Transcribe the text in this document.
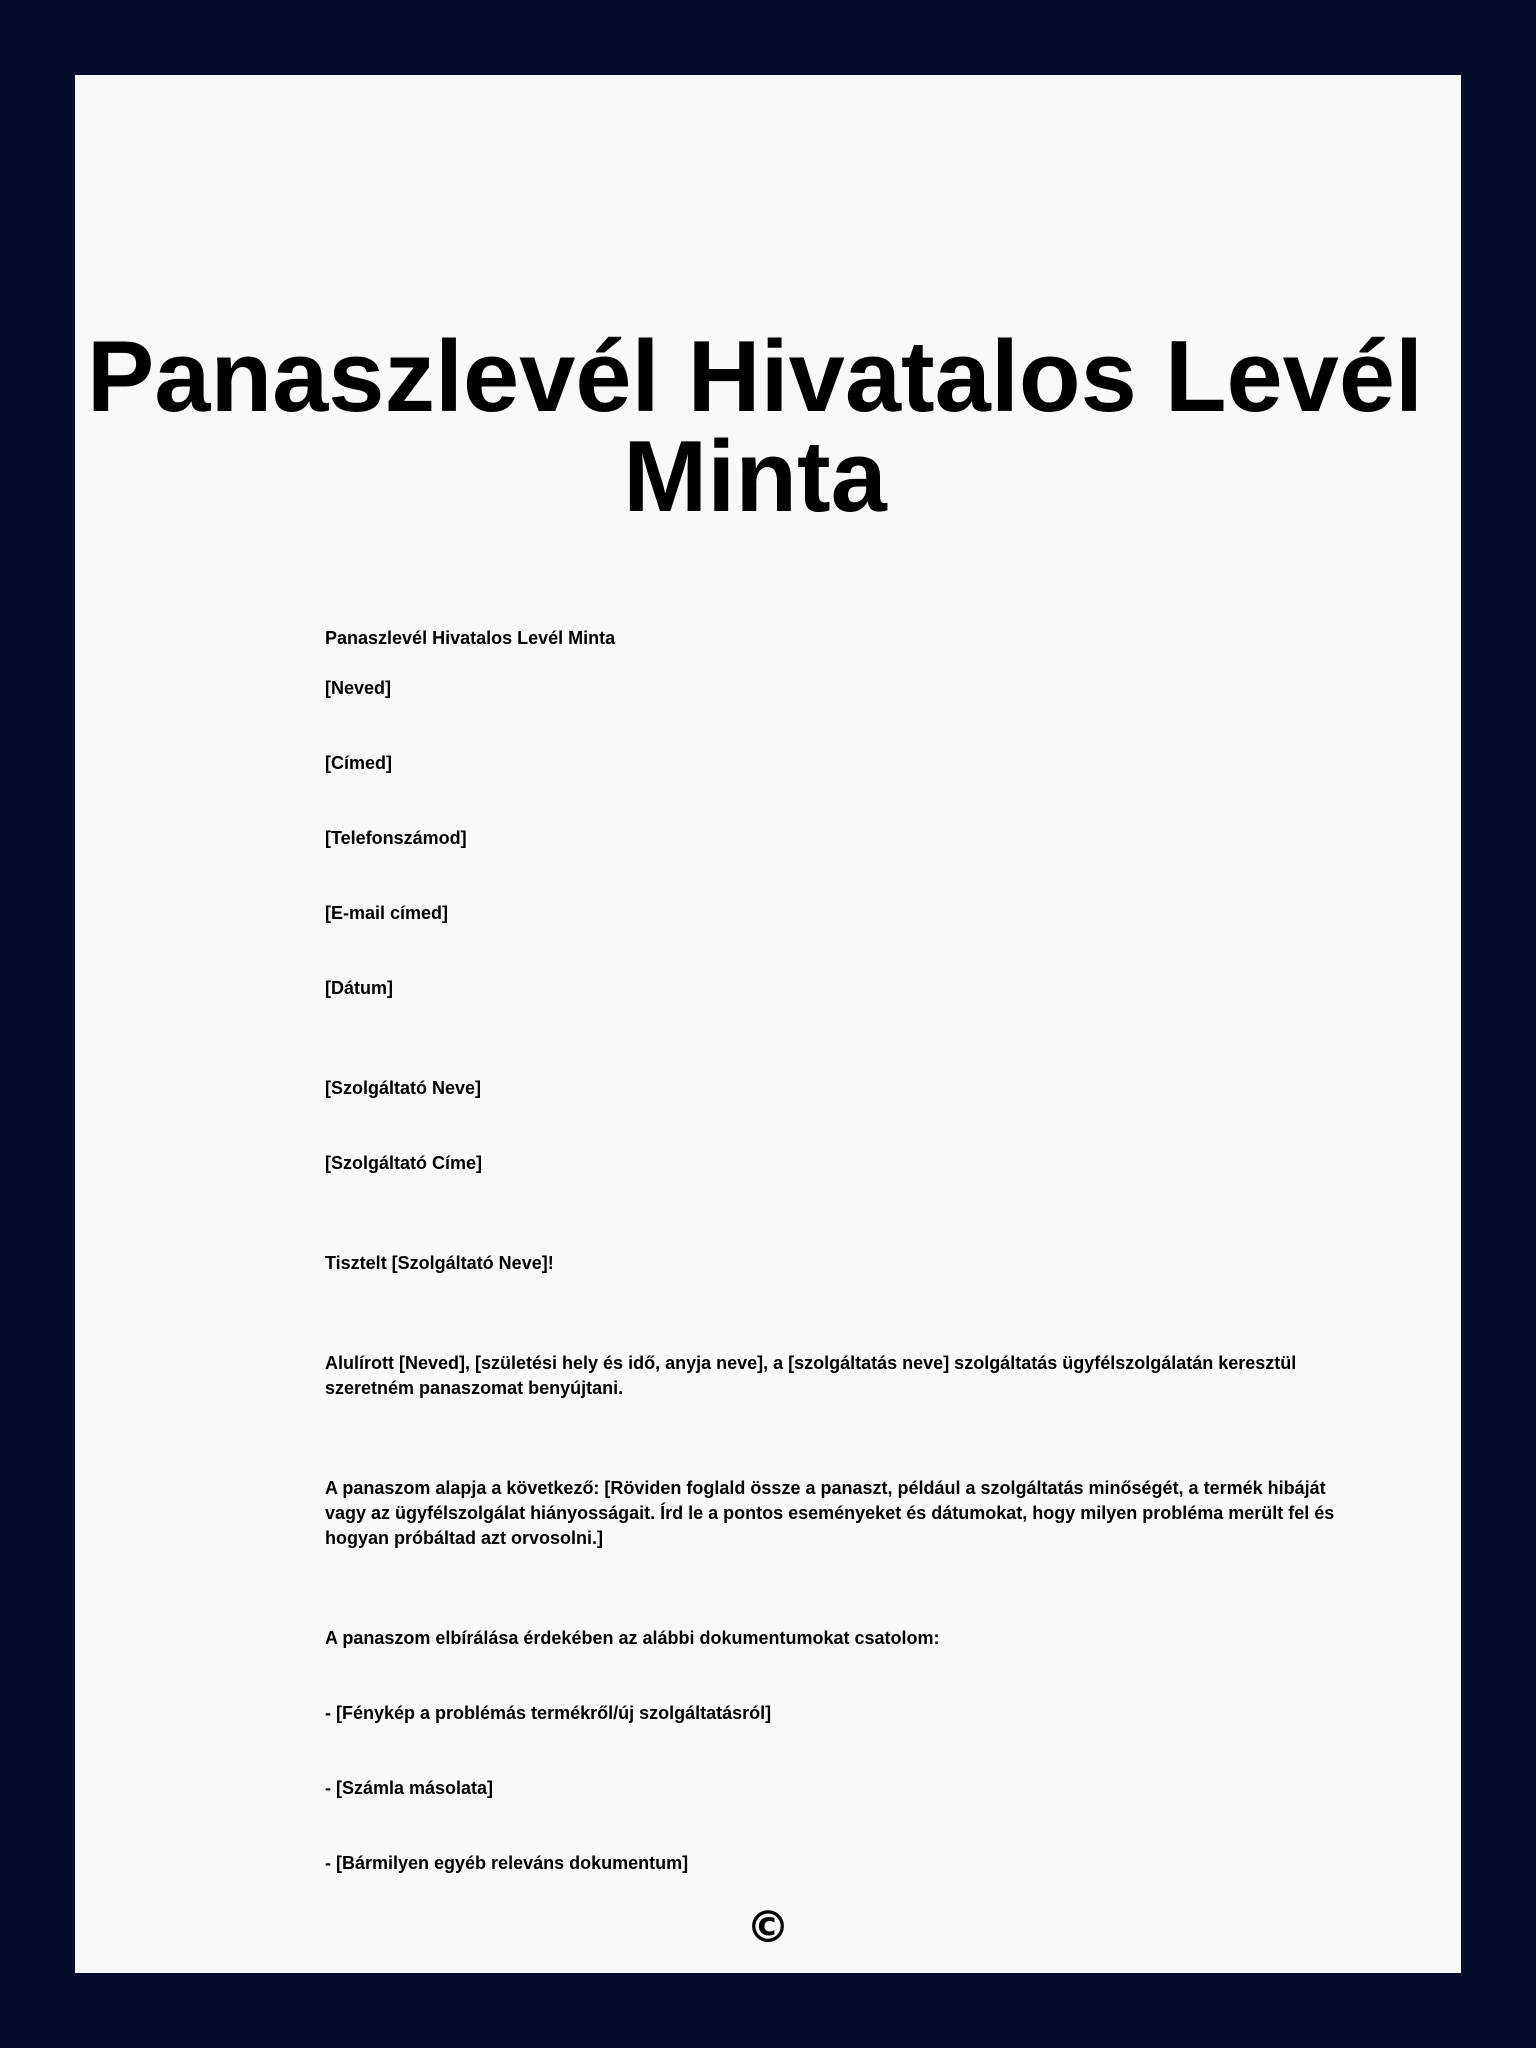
Panaszlevél Hivatalos Levél Minta

Panaszlevél Hivatalos Levél Minta

[Neved]

[Címed]

[Telefonszámod]

[E-mail címed]

[Dátum]

[Szolgáltató Neve]

[Szolgáltató Címe]

Tisztelt [Szolgáltató Neve]!

Alulírott [Neved], [születési hely és idő, anyja neve], a [szolgáltatás neve] szolgáltatás ügyfélszolgálatán keresztül szeretném panaszomat benyújtani.

A panaszom alapja a következő: [Röviden foglald össze a panaszt, például a szolgáltatás minőségét, a termék hibáját vagy az ügyfélszolgálat hiányosságait. Írd le a pontos eseményeket és dátumokat, hogy milyen probléma merült fel és hogyan próbáltad azt orvosolni.]

A panaszom elbírálása érdekében az alábbi dokumentumokat csatolom:

- [Fénykép a problémás termékről/új szolgáltatásról]

- [Számla másolata]

- [Bármilyen egyéb releváns dokumentum]

©
